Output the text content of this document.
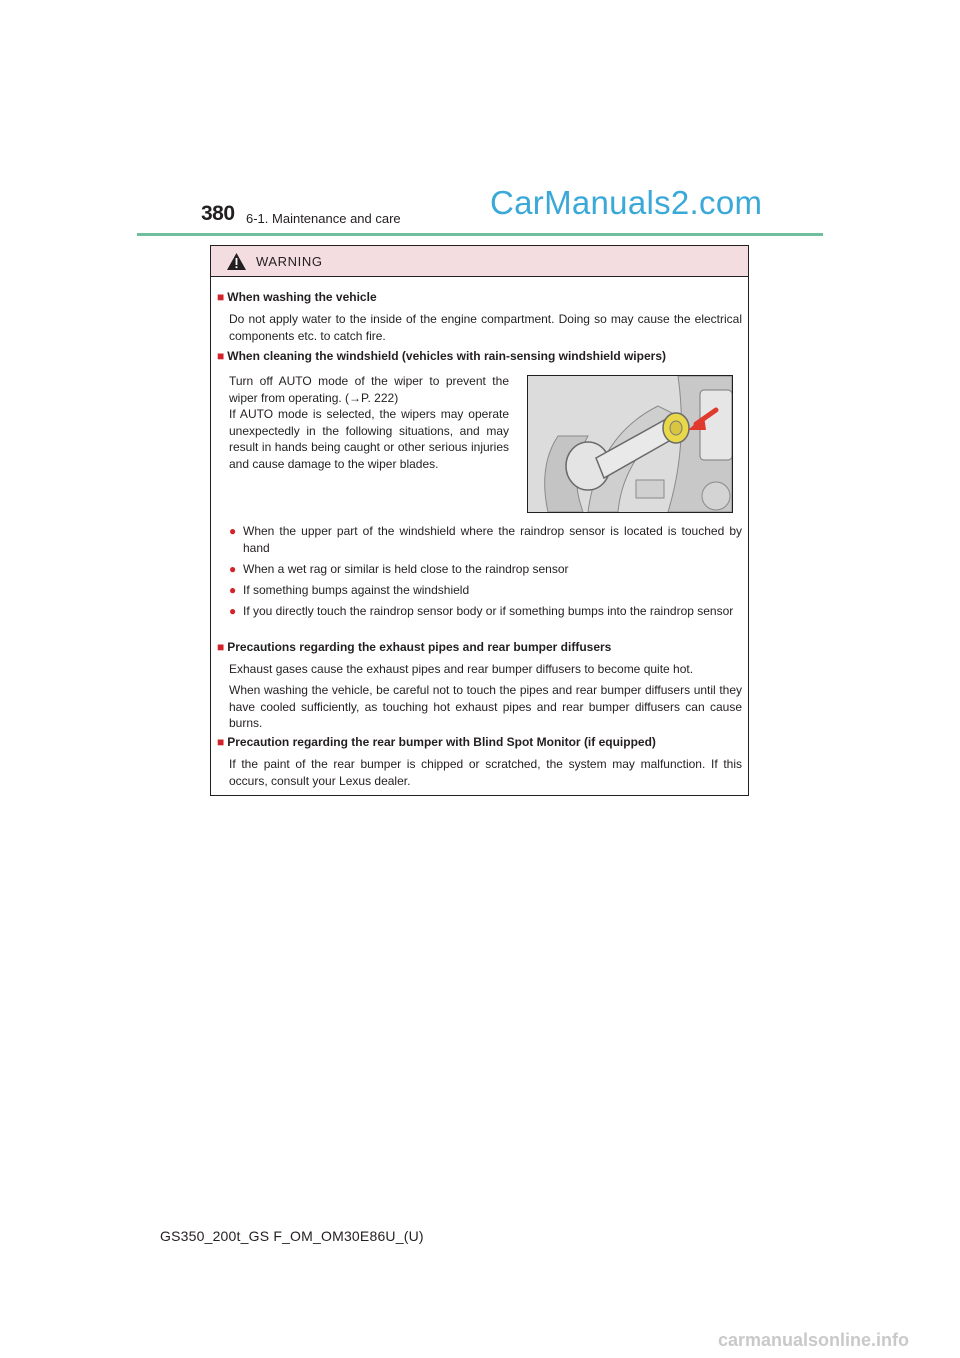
380 6-1. Maintenance and care	CarManuals2.com
WARNING
■ When washing the vehicle
Do not apply water to the inside of the engine compartment. Doing so may cause the electrical components etc. to catch fire.
■ When cleaning the windshield (vehicles with rain-sensing windshield wipers)
Turn off AUTO mode of the wiper to prevent the wiper from operating. (→P. 222)
If AUTO mode is selected, the wipers may operate unexpectedly in the following situations, and may result in hands being caught or other serious injuries and cause damage to the wiper blades.
● When the upper part of the windshield where the raindrop sensor is located is touched by hand
● When a wet rag or similar is held close to the raindrop sensor
● If something bumps against the windshield
● If you directly touch the raindrop sensor body or if something bumps into the raindrop sensor
■ Precautions regarding the exhaust pipes and rear bumper diffusers
Exhaust gases cause the exhaust pipes and rear bumper diffusers to become quite hot.
When washing the vehicle, be careful not to touch the pipes and rear bumper diffusers until they have cooled sufficiently, as touching hot exhaust pipes and rear bumper diffusers can cause burns.
■ Precaution regarding the rear bumper with Blind Spot Monitor (if equipped)
If the paint of the rear bumper is chipped or scratched, the system may malfunction. If this occurs, consult your Lexus dealer.
GS350_200t_GS F_OM_OM30E86U_(U)
carmanualsonline.info
